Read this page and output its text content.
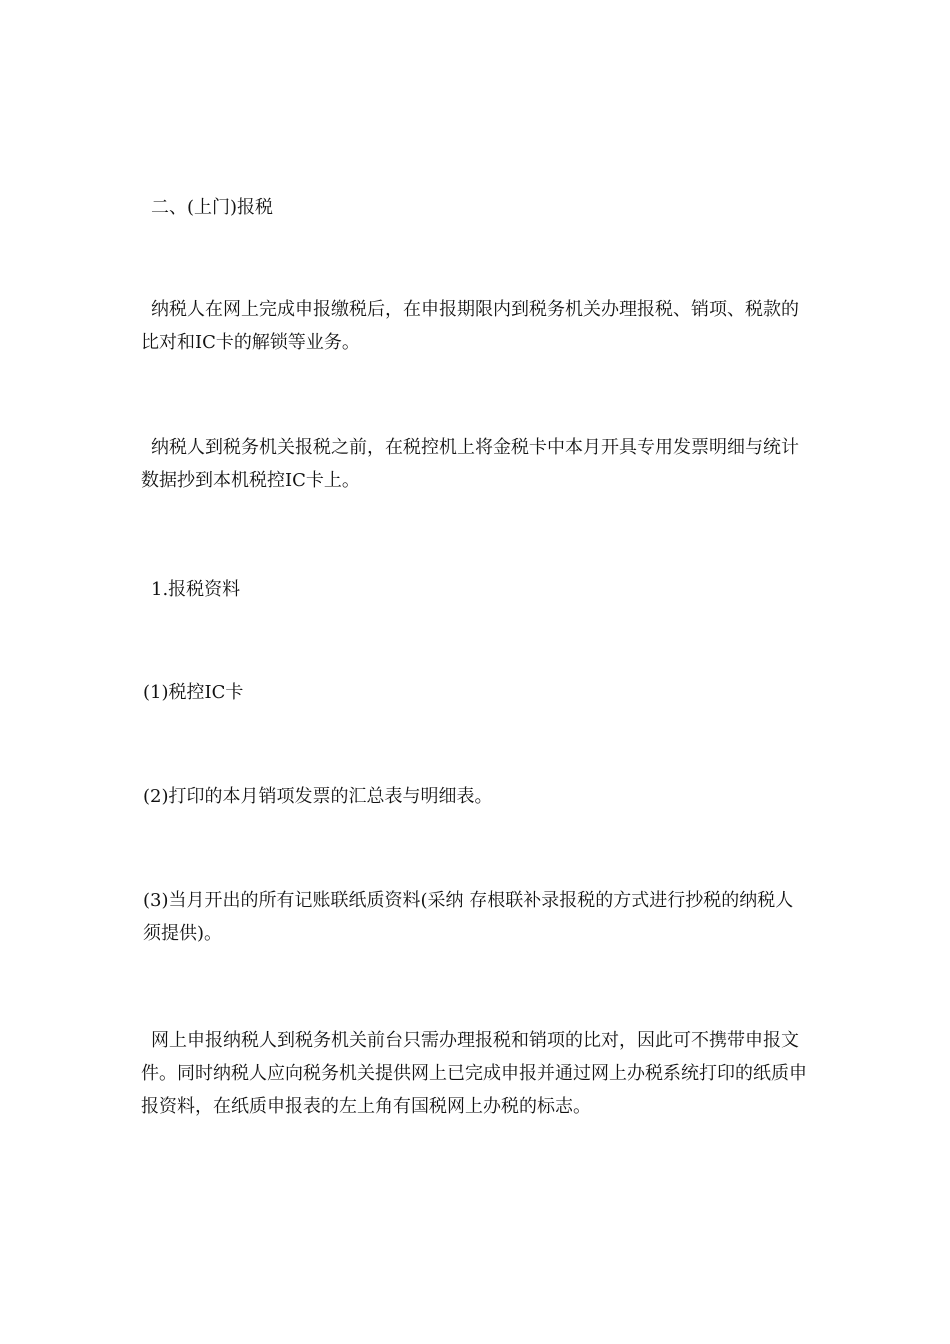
二、(上门)报税

纳税人在网上完成申报缴税后，在申报期限内到税务机关办理报税、销项、税款的比对和IC卡的解锁等业务。

纳税人到税务机关报税之前，在税控机上将金税卡中本月开具专用发票明细与统计数据抄到本机税控IC卡上。

1.报税资料

(1)税控IC卡

(2)打印的本月销项发票的汇总表与明细表。

(3)当月开出的所有记账联纸质资料(采纳 存根联补录报税的方式进行抄税的纳税人须提供)。

网上申报纳税人到税务机关前台只需办理报税和销项的比对，因此可不携带申报文件。同时纳税人应向税务机关提供网上已完成申报并通过网上办税系统打印的纸质申报资料，在纸质申报表的左上角有国税网上办税的标志。
